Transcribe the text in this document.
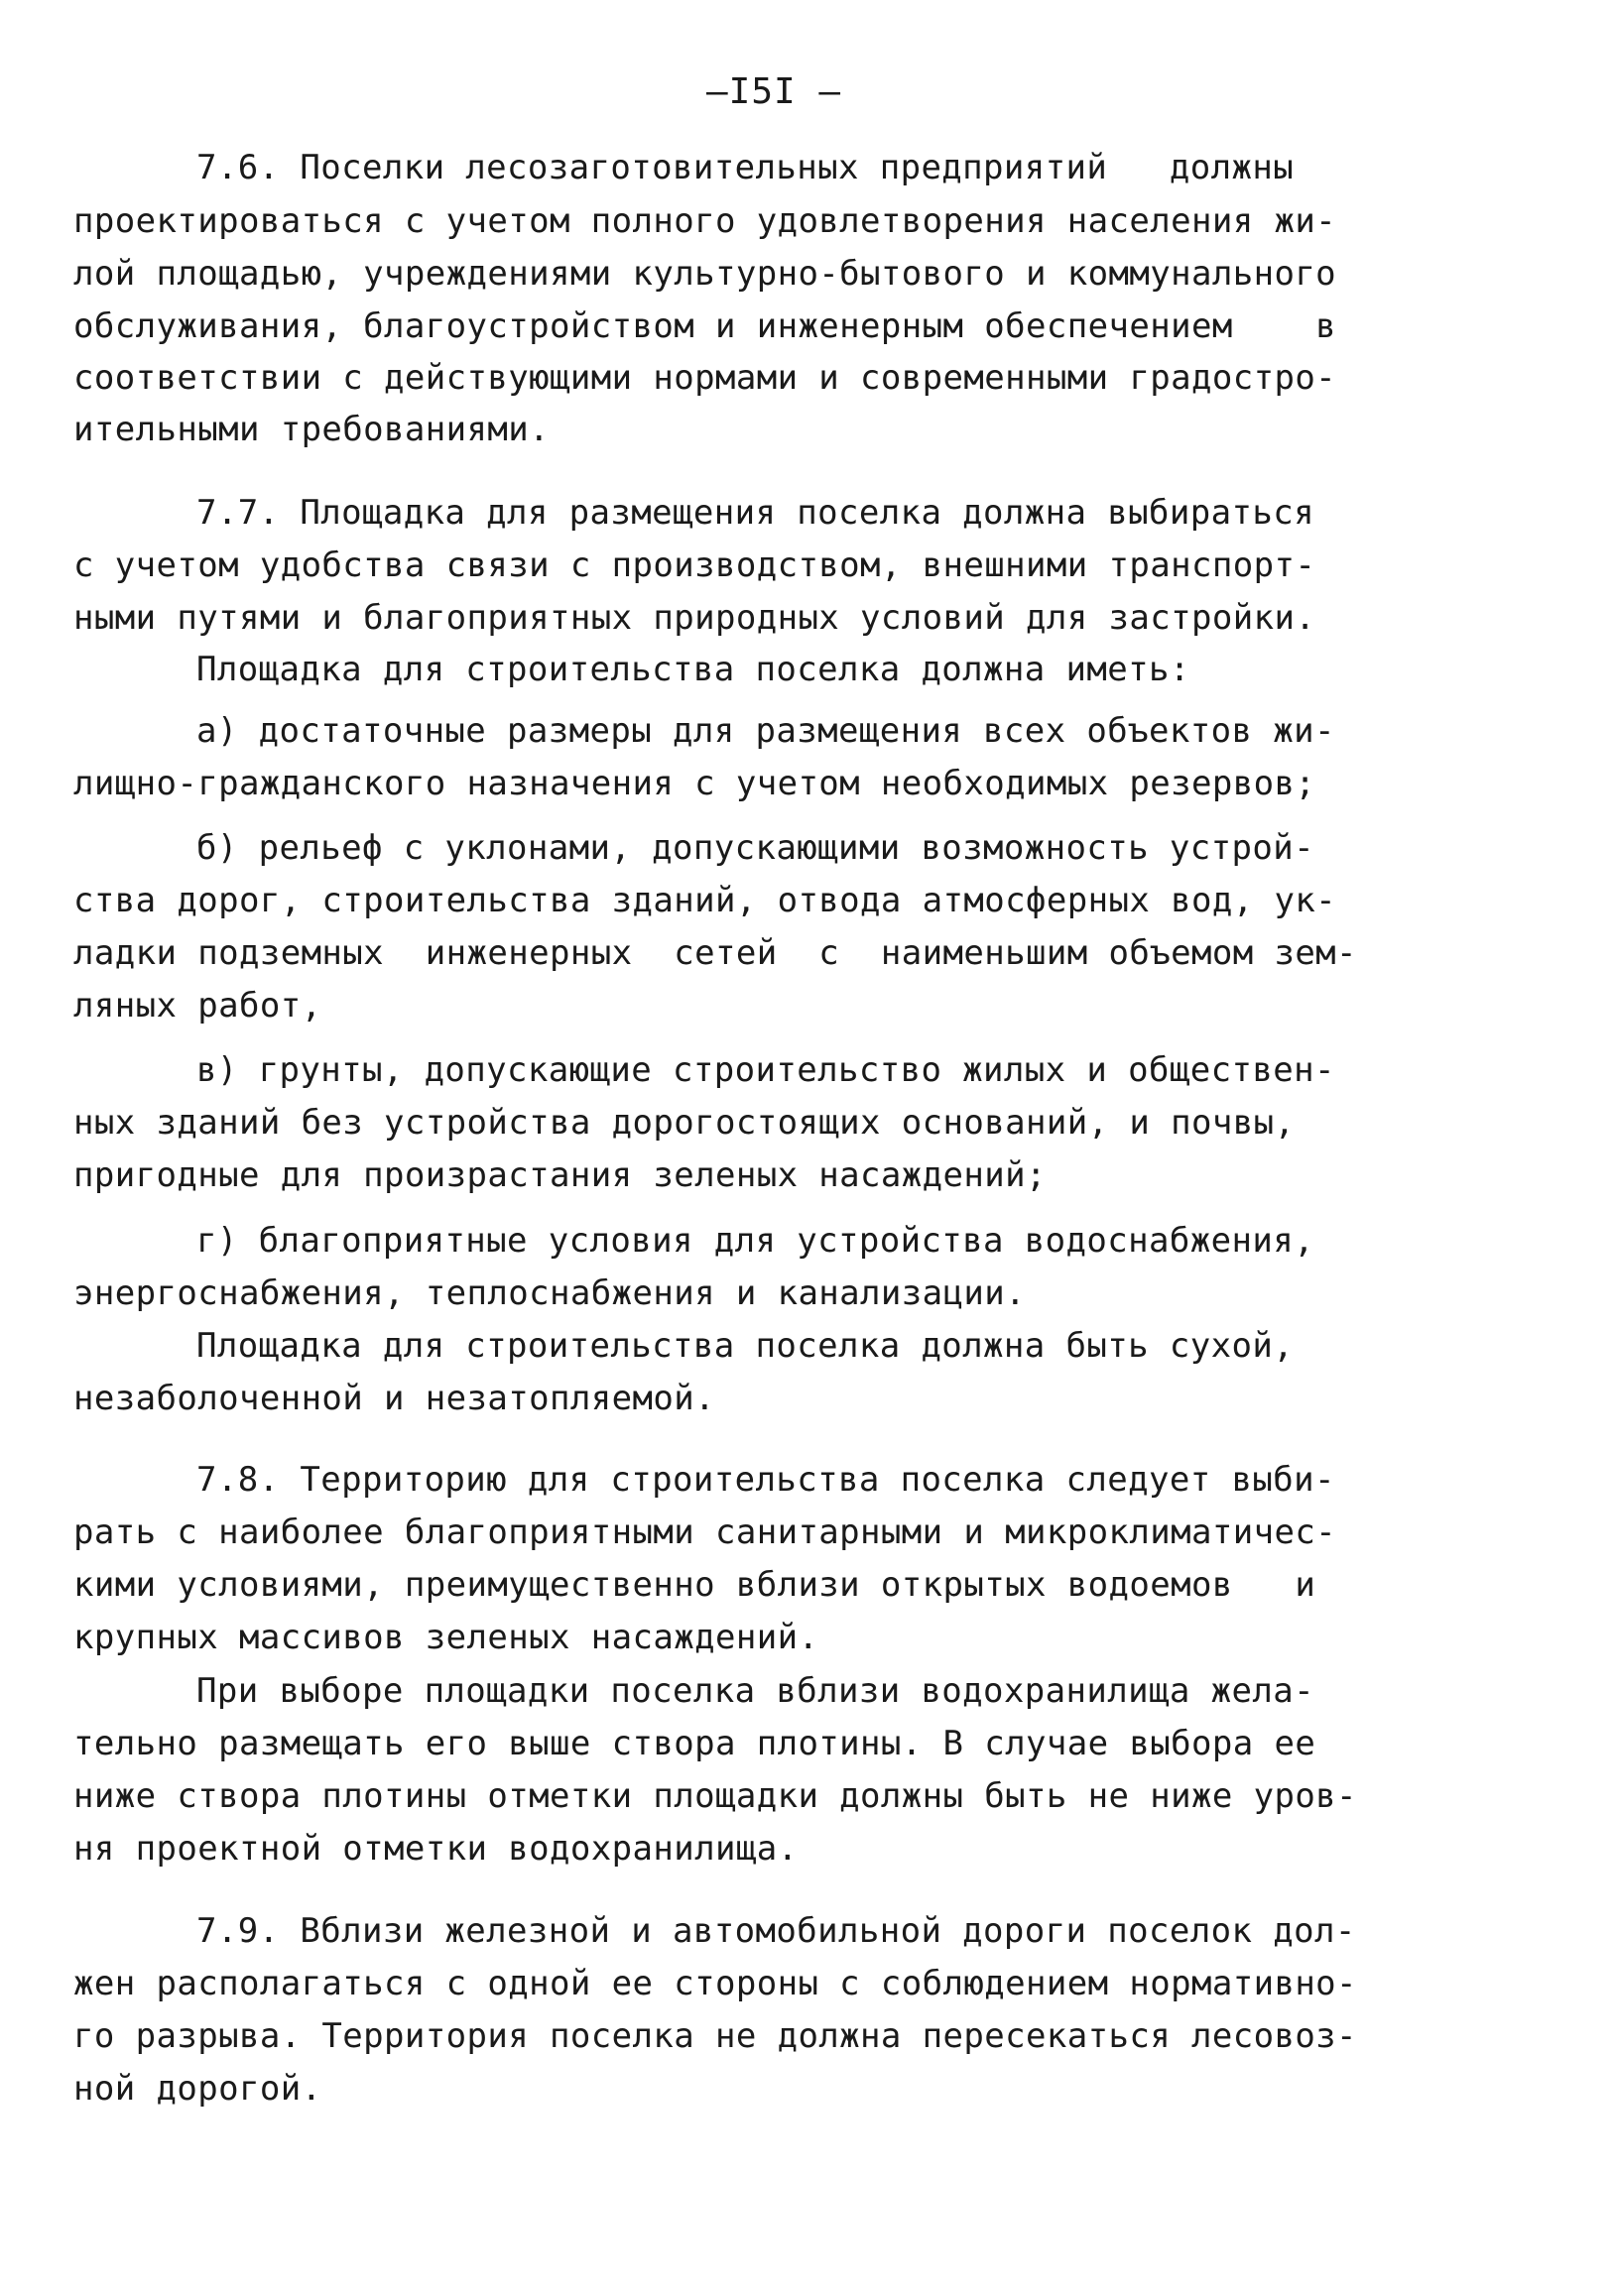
—I5I —
7.6. Поселки лесозаготовительных предприятий   должны
проектироваться с учетом полного удовлетворения населения жи-
лой площадью, учреждениями культурно-бытового и коммунального
обслуживания, благоустройством и инженерным обеспечением    в
соответствии с действующими нормами и современными градостро-
ительными требованиями.
7.7. Площадка для размещения поселка должна выбираться
с учетом удобства связи с производством, внешними транспорт-
ными путями и благоприятных природных условий для застройки.
Площадка для строительства поселка должна иметь:
а) достаточные размеры для размещения всех объектов жи-
лищно-гражданского назначения с учетом необходимых резервов;
б) рельеф с уклонами, допускающими возможность устрой-
ства дорог, строительства зданий, отвода атмосферных вод, ук-
ладки подземных  инженерных  сетей  с  наименьшим объемом зем-
ляных работ,
в) грунты, допускающие строительство жилых и обществен-
ных зданий без устройства дорогостоящих оснований, и почвы,
пригодные для произрастания зеленых насаждений;
г) благоприятные условия для устройства водоснабжения,
энергоснабжения, теплоснабжения и канализации.
Площадка для строительства поселка должна быть сухой,
незаболоченной и незатопляемой.
7.8. Территорию для строительства поселка следует выби-
рать с наиболее благоприятными санитарными и микроклиматичес-
кими условиями, преимущественно вблизи открытых водоемов   и
крупных массивов зеленых насаждений.
При выборе площадки поселка вблизи водохранилища жела-
тельно размещать его выше створа плотины. В случае выбора ее
ниже створа плотины отметки площадки должны быть не ниже уров-
ня проектной отметки водохранилища.
7.9. Вблизи железной и автомобильной дороги поселок дол-
жен располагаться с одной ее стороны с соблюдением нормативно-
го разрыва. Территория поселка не должна пересекаться лесовоз-
ной дорогой.
